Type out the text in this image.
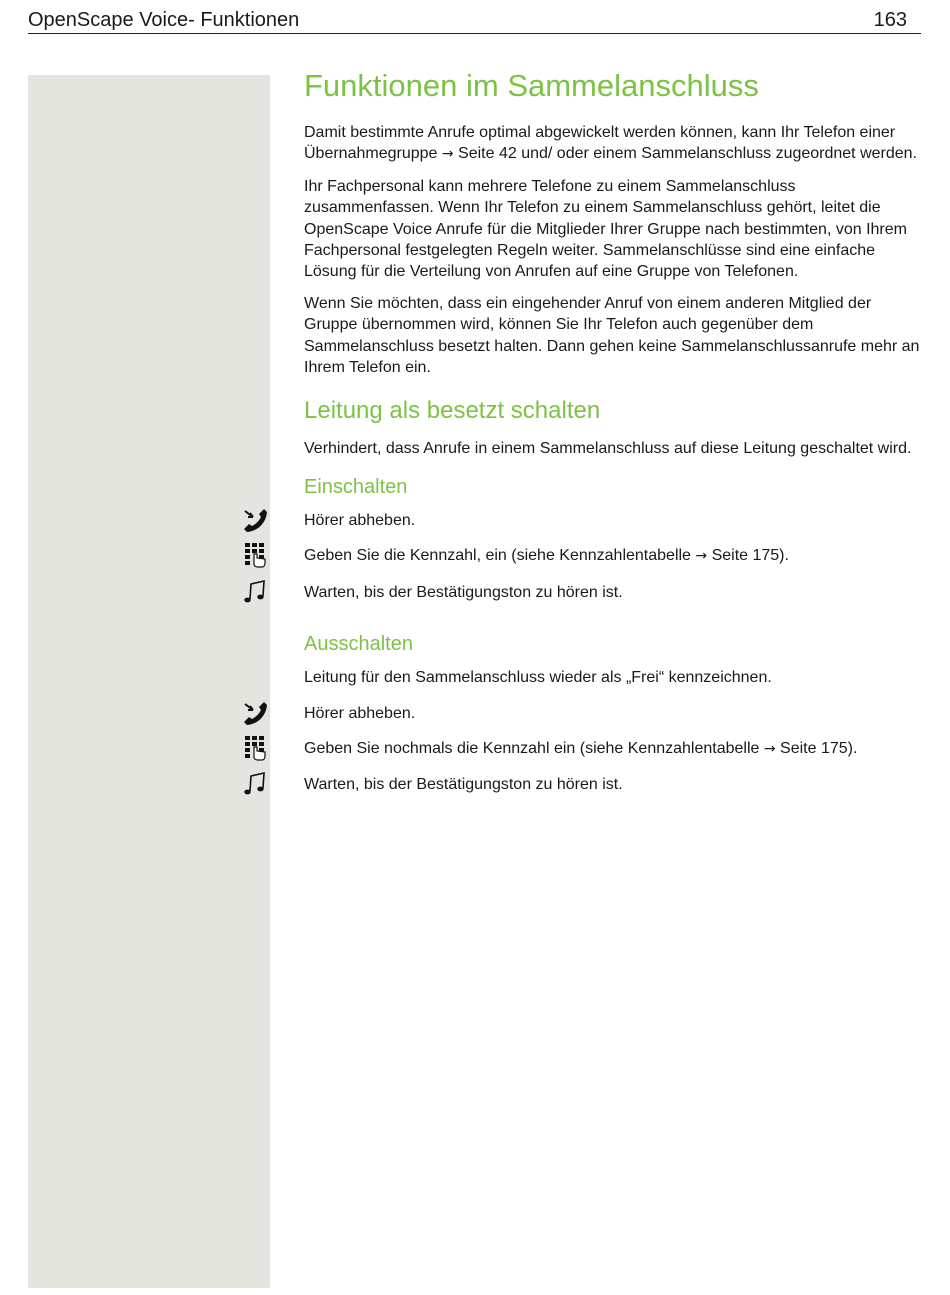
OpenScape Voice- Funktionen	163
Funktionen im Sammelanschluss

Damit bestimmte Anrufe optimal abgewickelt werden können, kann Ihr Telefon einer Übernahmegruppe → Seite 42 und/ oder einem Sammelanschluss zugeordnet werden.

Ihr Fachpersonal kann mehrere Telefone zu einem Sammelanschluss zusammenfassen. Wenn Ihr Telefon zu einem Sammelanschluss gehört, leitet die OpenScape Voice Anrufe für die Mitglieder Ihrer Gruppe nach bestimmten, von Ihrem Fachpersonal festgelegten Regeln weiter. Sammelanschlüsse sind eine einfache Lösung für die Verteilung von Anrufen auf eine Gruppe von Telefonen.

Wenn Sie möchten, dass ein eingehender Anruf von einem anderen Mitglied der Gruppe übernommen wird, können Sie Ihr Telefon auch gegenüber dem Sammelanschluss besetzt halten. Dann gehen keine Sammelanschlussanrufe mehr an Ihrem Telefon ein.

Leitung als besetzt schalten

Verhindert, dass Anrufe in einem Sammelanschluss auf diese Leitung geschaltet wird.

Einschalten
Hörer abheben.
Geben Sie die Kennzahl, ein (siehe Kennzahlentabelle → Seite 175).
Warten, bis der Bestätigungston zu hören ist.
Ausschalten

Leitung für den Sammelanschluss wieder als „Frei“ kennzeichnen.

Hörer abheben.
Geben Sie nochmals die Kennzahl ein (siehe Kennzahlentabelle → Seite 175).
Warten, bis der Bestätigungston zu hören ist.
